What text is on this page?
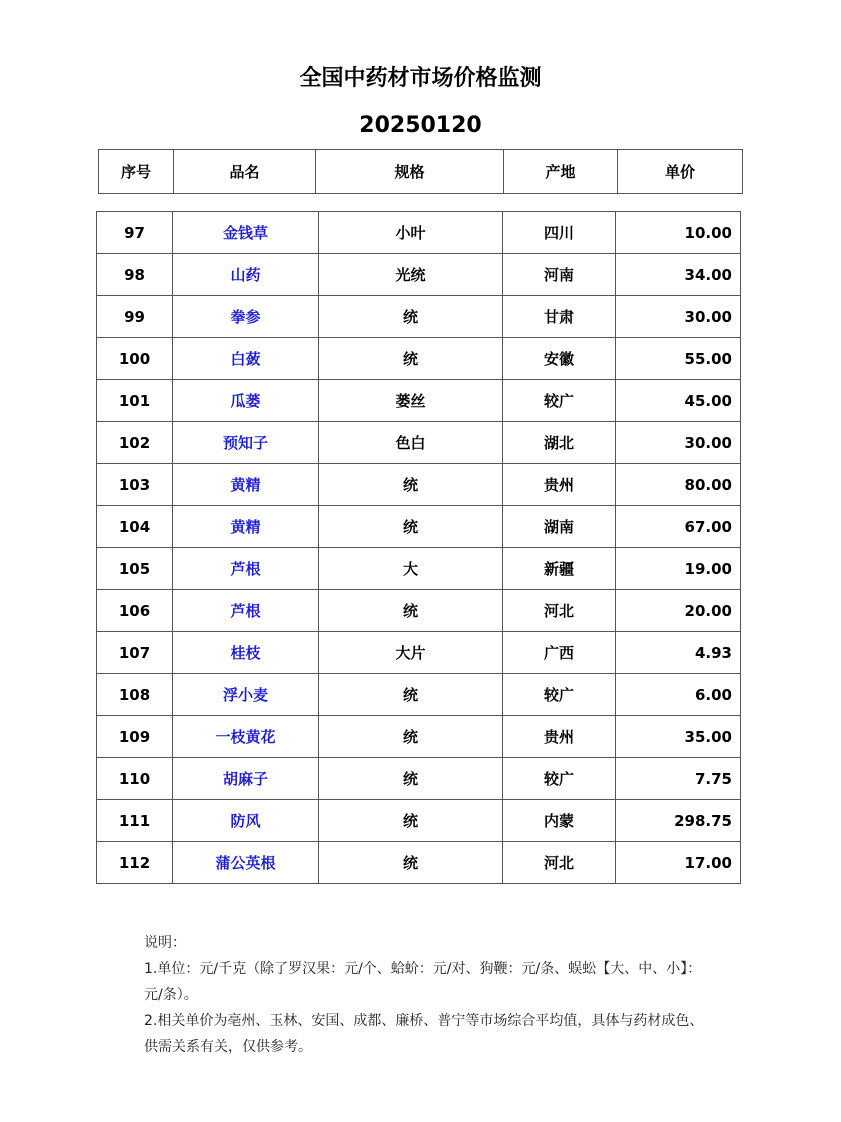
全国中药材市场价格监测
20250120
序号	品名	规格	产地	单价
97	金钱草	小叶	四川	10.00
98	山药	光统	河南	34.00
99	拳参	统	甘肃	30.00
100	白蔹	统	安徽	55.00
101	瓜蒌	蒌丝	较广	45.00
102	预知子	色白	湖北	30.00
103	黄精	统	贵州	80.00
104	黄精	统	湖南	67.00
105	芦根	大	新疆	19.00
106	芦根	统	河北	20.00
107	桂枝	大片	广西	4.93
108	浮小麦	统	较广	6.00
109	一枝黄花	统	贵州	35.00
110	胡麻子	统	较广	7.75
111	防风	统	内蒙	298.75
112	蒲公英根	统	河北	17.00

说明：

1.单位：元/千克（除了罗汉果：元/个、蛤蚧：元/对、狗鞭：元/条、蜈蚣【大、中、小】：元/条）。

2.相关单价为亳州、玉林、安国、成都、廉桥、普宁等市场综合平均值，具体与药材成色、供需关系有关，仅供参考。
